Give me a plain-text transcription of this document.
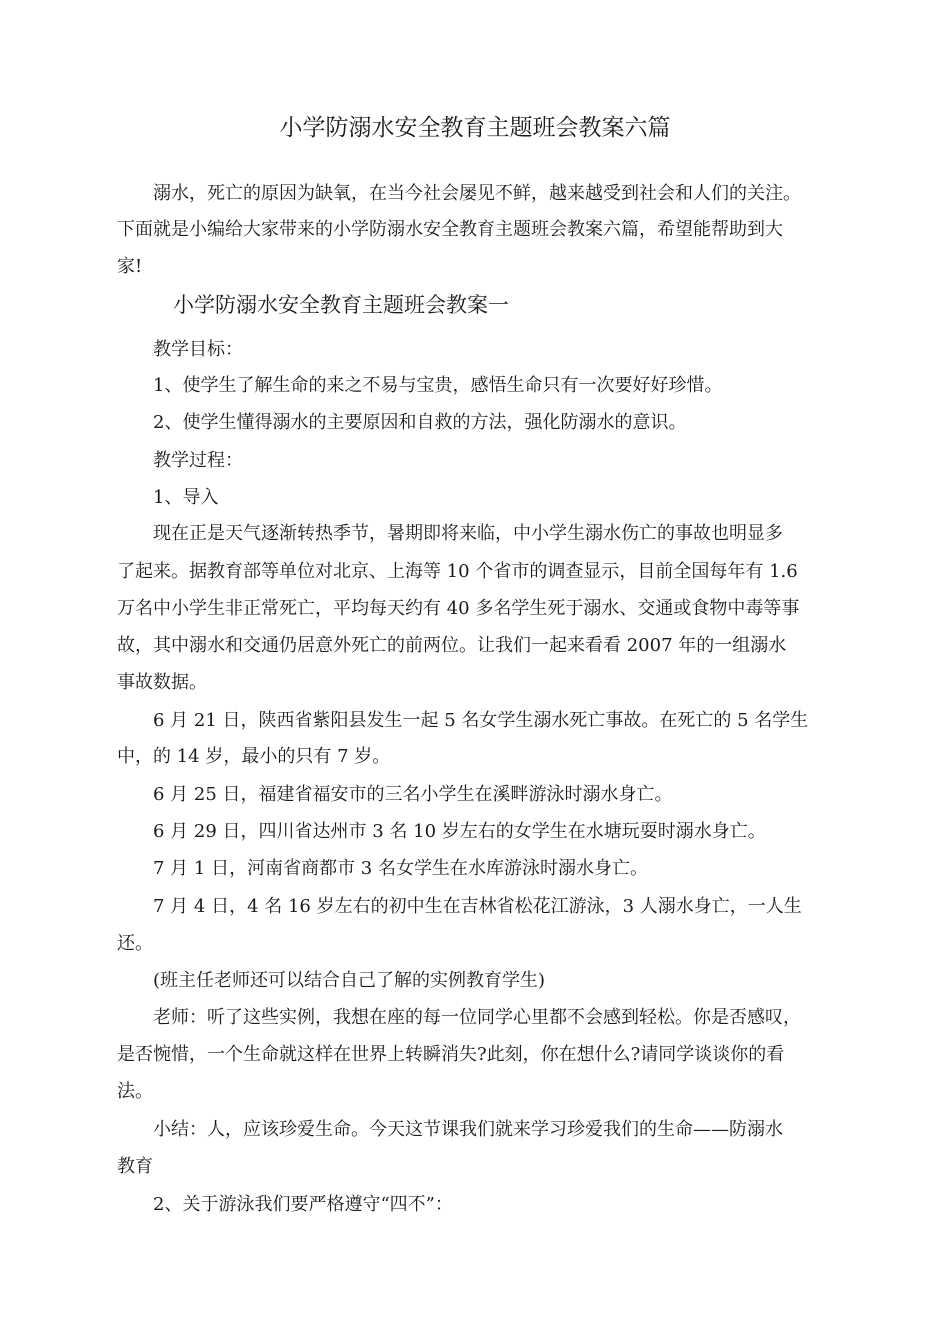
小学防溺水安全教育主题班会教案六篇
溺水，死亡的原因为缺氧，在当今社会屡见不鲜，越来越受到社会和人们的关注。
下面就是小编给大家带来的小学防溺水安全教育主题班会教案六篇，希望能帮助到大
家!
小学防溺水安全教育主题班会教案一
教学目标：
1、使学生了解生命的来之不易与宝贵，感悟生命只有一次要好好珍惜。
2、使学生懂得溺水的主要原因和自救的方法，强化防溺水的意识。
教学过程：
1、导入
现在正是天气逐渐转热季节，暑期即将来临，中小学生溺水伤亡的事故也明显多
了起来。据教育部等单位对北京、上海等 10 个省市的调查显示，目前全国每年有 1.6
万名中小学生非正常死亡，平均每天约有 40 多名学生死于溺水、交通或食物中毒等事
故，其中溺水和交通仍居意外死亡的前两位。让我们一起来看看 2007 年的一组溺水
事故数据。
6 月 21 日，陕西省紫阳县发生一起 5 名女学生溺水死亡事故。在死亡的 5 名学生
中，的 14 岁，最小的只有 7 岁。
6 月 25 日，福建省福安市的三名小学生在溪畔游泳时溺水身亡。
6 月 29 日，四川省达州市 3 名 10 岁左右的女学生在水塘玩耍时溺水身亡。
7 月 1 日，河南省商都市 3 名女学生在水库游泳时溺水身亡。
7 月 4 日，4 名 16 岁左右的初中生在吉林省松花江游泳，3 人溺水身亡，一人生
还。
(班主任老师还可以结合自己了解的实例教育学生)
老师：听了这些实例，我想在座的每一位同学心里都不会感到轻松。你是否感叹，
是否惋惜，一个生命就这样在世界上转瞬消失?此刻，你在想什么?请同学谈谈你的看
法。
小结：人，应该珍爱生命。今天这节课我们就来学习珍爱我们的生命——防溺水
教育
2、关于游泳我们要严格遵守“四不”：
